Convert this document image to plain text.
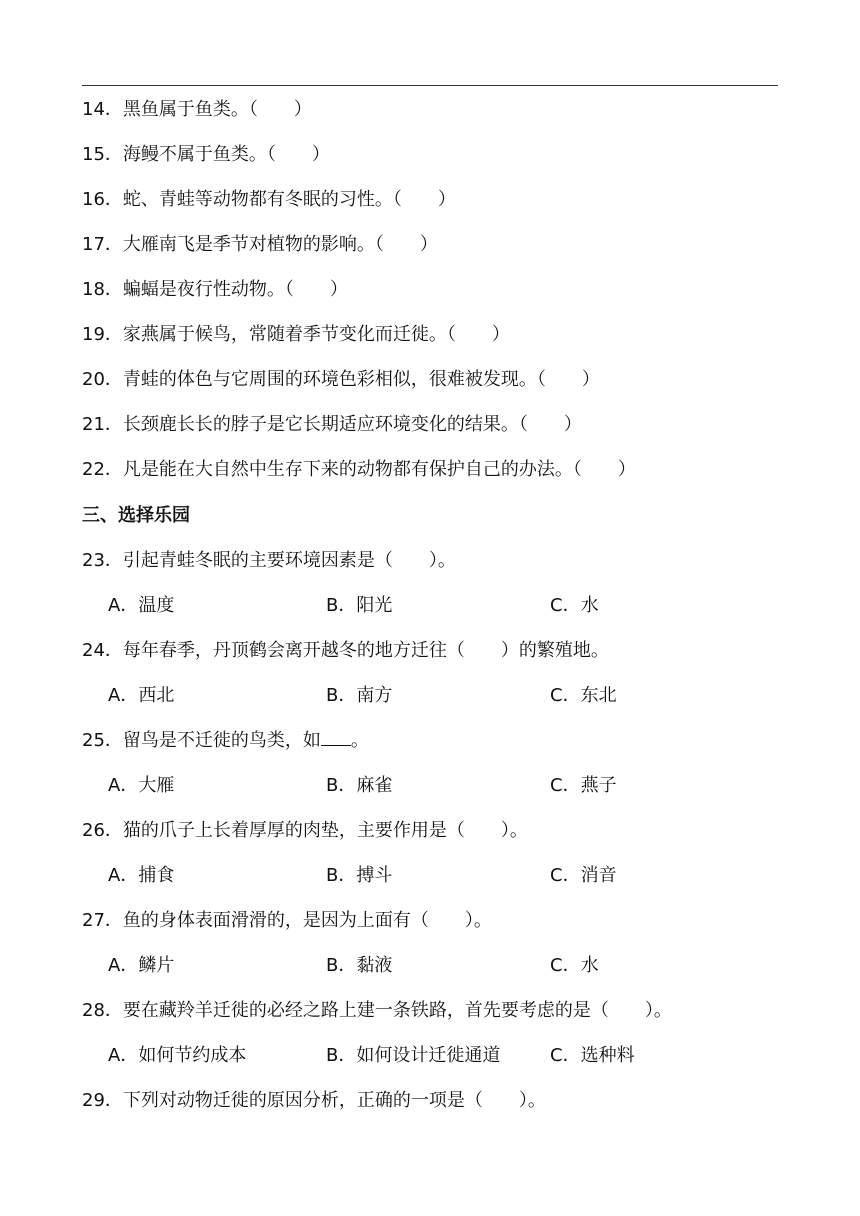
14．黑鱼属于鱼类。（　　）
15．海鳗不属于鱼类。（　　）
16．蛇、青蛙等动物都有冬眠的习性。（　　）
17．大雁南飞是季节对植物的影响。（　　）
18．蝙蝠是夜行性动物。（　　）
19．家燕属于候鸟，常随着季节变化而迁徙。（　　）
20．青蛙的体色与它周围的环境色彩相似，很难被发现。（　　）
21．长颈鹿长长的脖子是它长期适应环境变化的结果。（　　）
22．凡是能在大自然中生存下来的动物都有保护自己的办法。（　　）
三、选择乐园
23．引起青蛙冬眠的主要环境因素是（　　）。
A．温度	B．阳光	C．水
24．每年春季，丹顶鹤会离开越冬的地方迁往（　　）的繁殖地。
A．西北	B．南方	C．东北
25．留鸟是不迁徙的鸟类，如 。
A．大雁	B．麻雀	C．燕子
26．猫的爪子上长着厚厚的肉垫，主要作用是（　　）。
A．捕食	B．搏斗	C．消音
27．鱼的身体表面滑滑的，是因为上面有（　　）。
A．鳞片	B．黏液	C．水
28．要在藏羚羊迁徙的必经之路上建一条铁路，首先要考虑的是（　　）。
A．如何节约成本	B．如何设计迁徙通道	C．选种料
29．下列对动物迁徙的原因分析，正确的一项是（　　）。
